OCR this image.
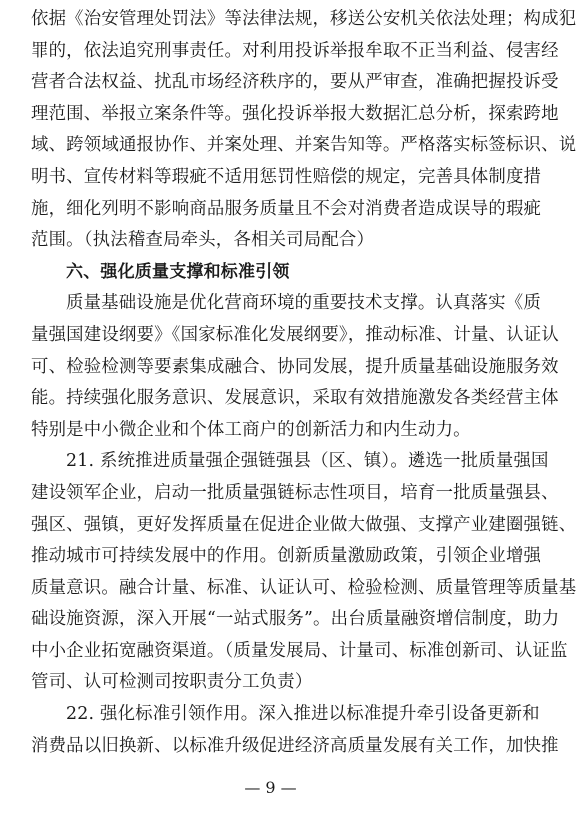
依据《治安管理处罚法》等法律法规，移送公安机关依法处理；构成犯
罪的，依法追究刑事责任。对利用投诉举报牟取不正当利益、侵害经
营者合法权益、扰乱市场经济秩序的，要从严审查，准确把握投诉受
理范围、举报立案条件等。强化投诉举报大数据汇总分析，探索跨地
域、跨领域通报协作、并案处理、并案告知等。严格落实标签标识、说
明书、宣传材料等瑕疵不适用惩罚性赔偿的规定，完善具体制度措
施，细化列明不影响商品服务质量且不会对消费者造成误导的瑕疵
范围。（执法稽查局牵头，各相关司局配合）
六、强化质量支撑和标准引领
质量基础设施是优化营商环境的重要技术支撑。认真落实《质
量强国建设纲要》《国家标准化发展纲要》，推动标准、计量、认证认
可、检验检测等要素集成融合、协同发展，提升质量基础设施服务效
能。持续强化服务意识、发展意识，采取有效措施激发各类经营主体
特别是中小微企业和个体工商户的创新活力和内生动力。
21. 系统推进质量强企强链强县（区、镇）。遴选一批质量强国
建设领军企业，启动一批质量强链标志性项目，培育一批质量强县、
强区、强镇，更好发挥质量在促进企业做大做强、支撑产业建圈强链、
推动城市可持续发展中的作用。创新质量激励政策，引领企业增强
质量意识。融合计量、标准、认证认可、检验检测、质量管理等质量基
础设施资源，深入开展“一站式服务”。出台质量融资增信制度，助力
中小企业拓宽融资渠道。（质量发展局、计量司、标准创新司、认证监
管司、认可检测司按职责分工负责）
22. 强化标准引领作用。深入推进以标准提升牵引设备更新和
消费品以旧换新、以标准升级促进经济高质量发展有关工作，加快推
— 9 —
